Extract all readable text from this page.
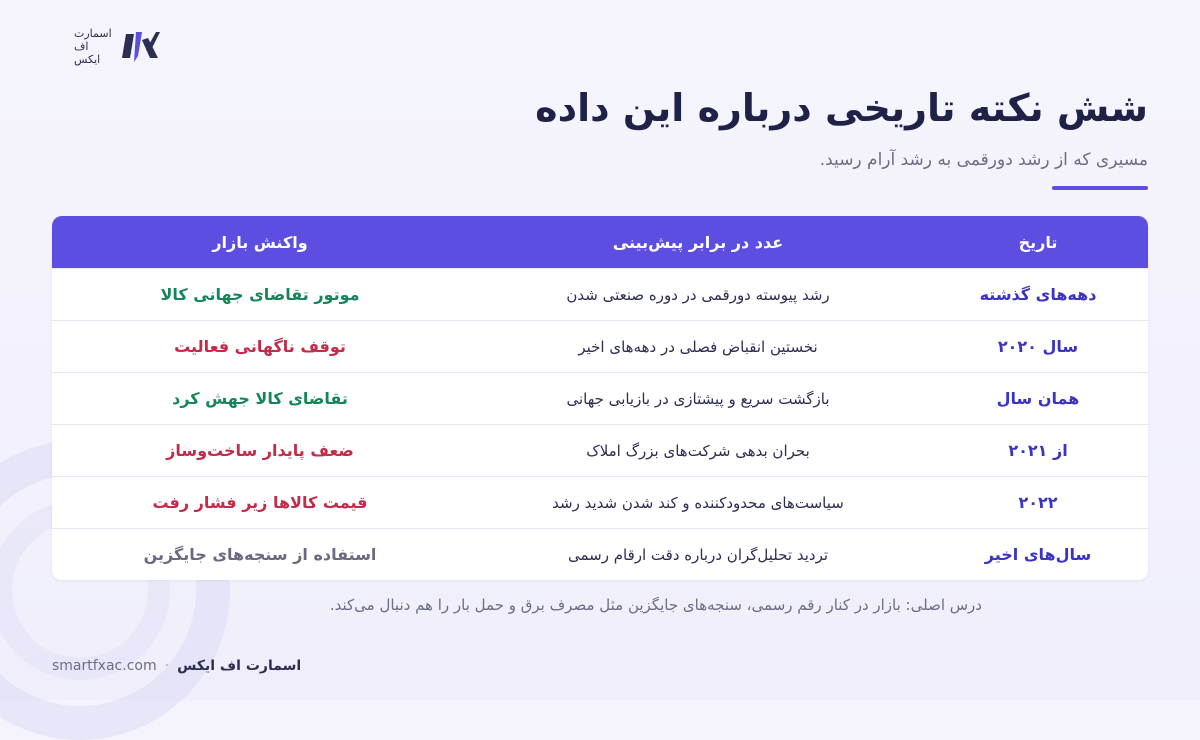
اسمارت
اف
ایکس
شش نکته تاریخی درباره این داده

مسیری که از رشد دورقمی به رشد آرام رسید.

تاریخ
عدد در برابر پیش‌بینی
واکنش بازار
دهه‌های گذشته
رشد پیوسته دورقمی در دوره صنعتی شدن
موتور تقاضای جهانی کالا
سال ۲۰۲۰
نخستین انقباض فصلی در دهه‌های اخیر
توقف ناگهانی فعالیت
همان سال
بازگشت سریع و پیشتازی در بازیابی جهانی
تقاضای کالا جهش کرد
از ۲۰۲۱
بحران بدهی شرکت‌های بزرگ املاک
ضعف پایدار ساخت‌وساز
۲۰۲۲
سیاست‌های محدودکننده و کند شدن شدید رشد
قیمت کالاها زیر فشار رفت
سال‌های اخیر
تردید تحلیل‌گران درباره دقت ارقام رسمی
استفاده از سنجه‌های جایگزین

درس اصلی: بازار در کنار رقم رسمی، سنجه‌های جایگزین مثل مصرف برق و حمل بار را هم دنبال می‌کند.

smartfxac.com · اسمارت اف ایکس
